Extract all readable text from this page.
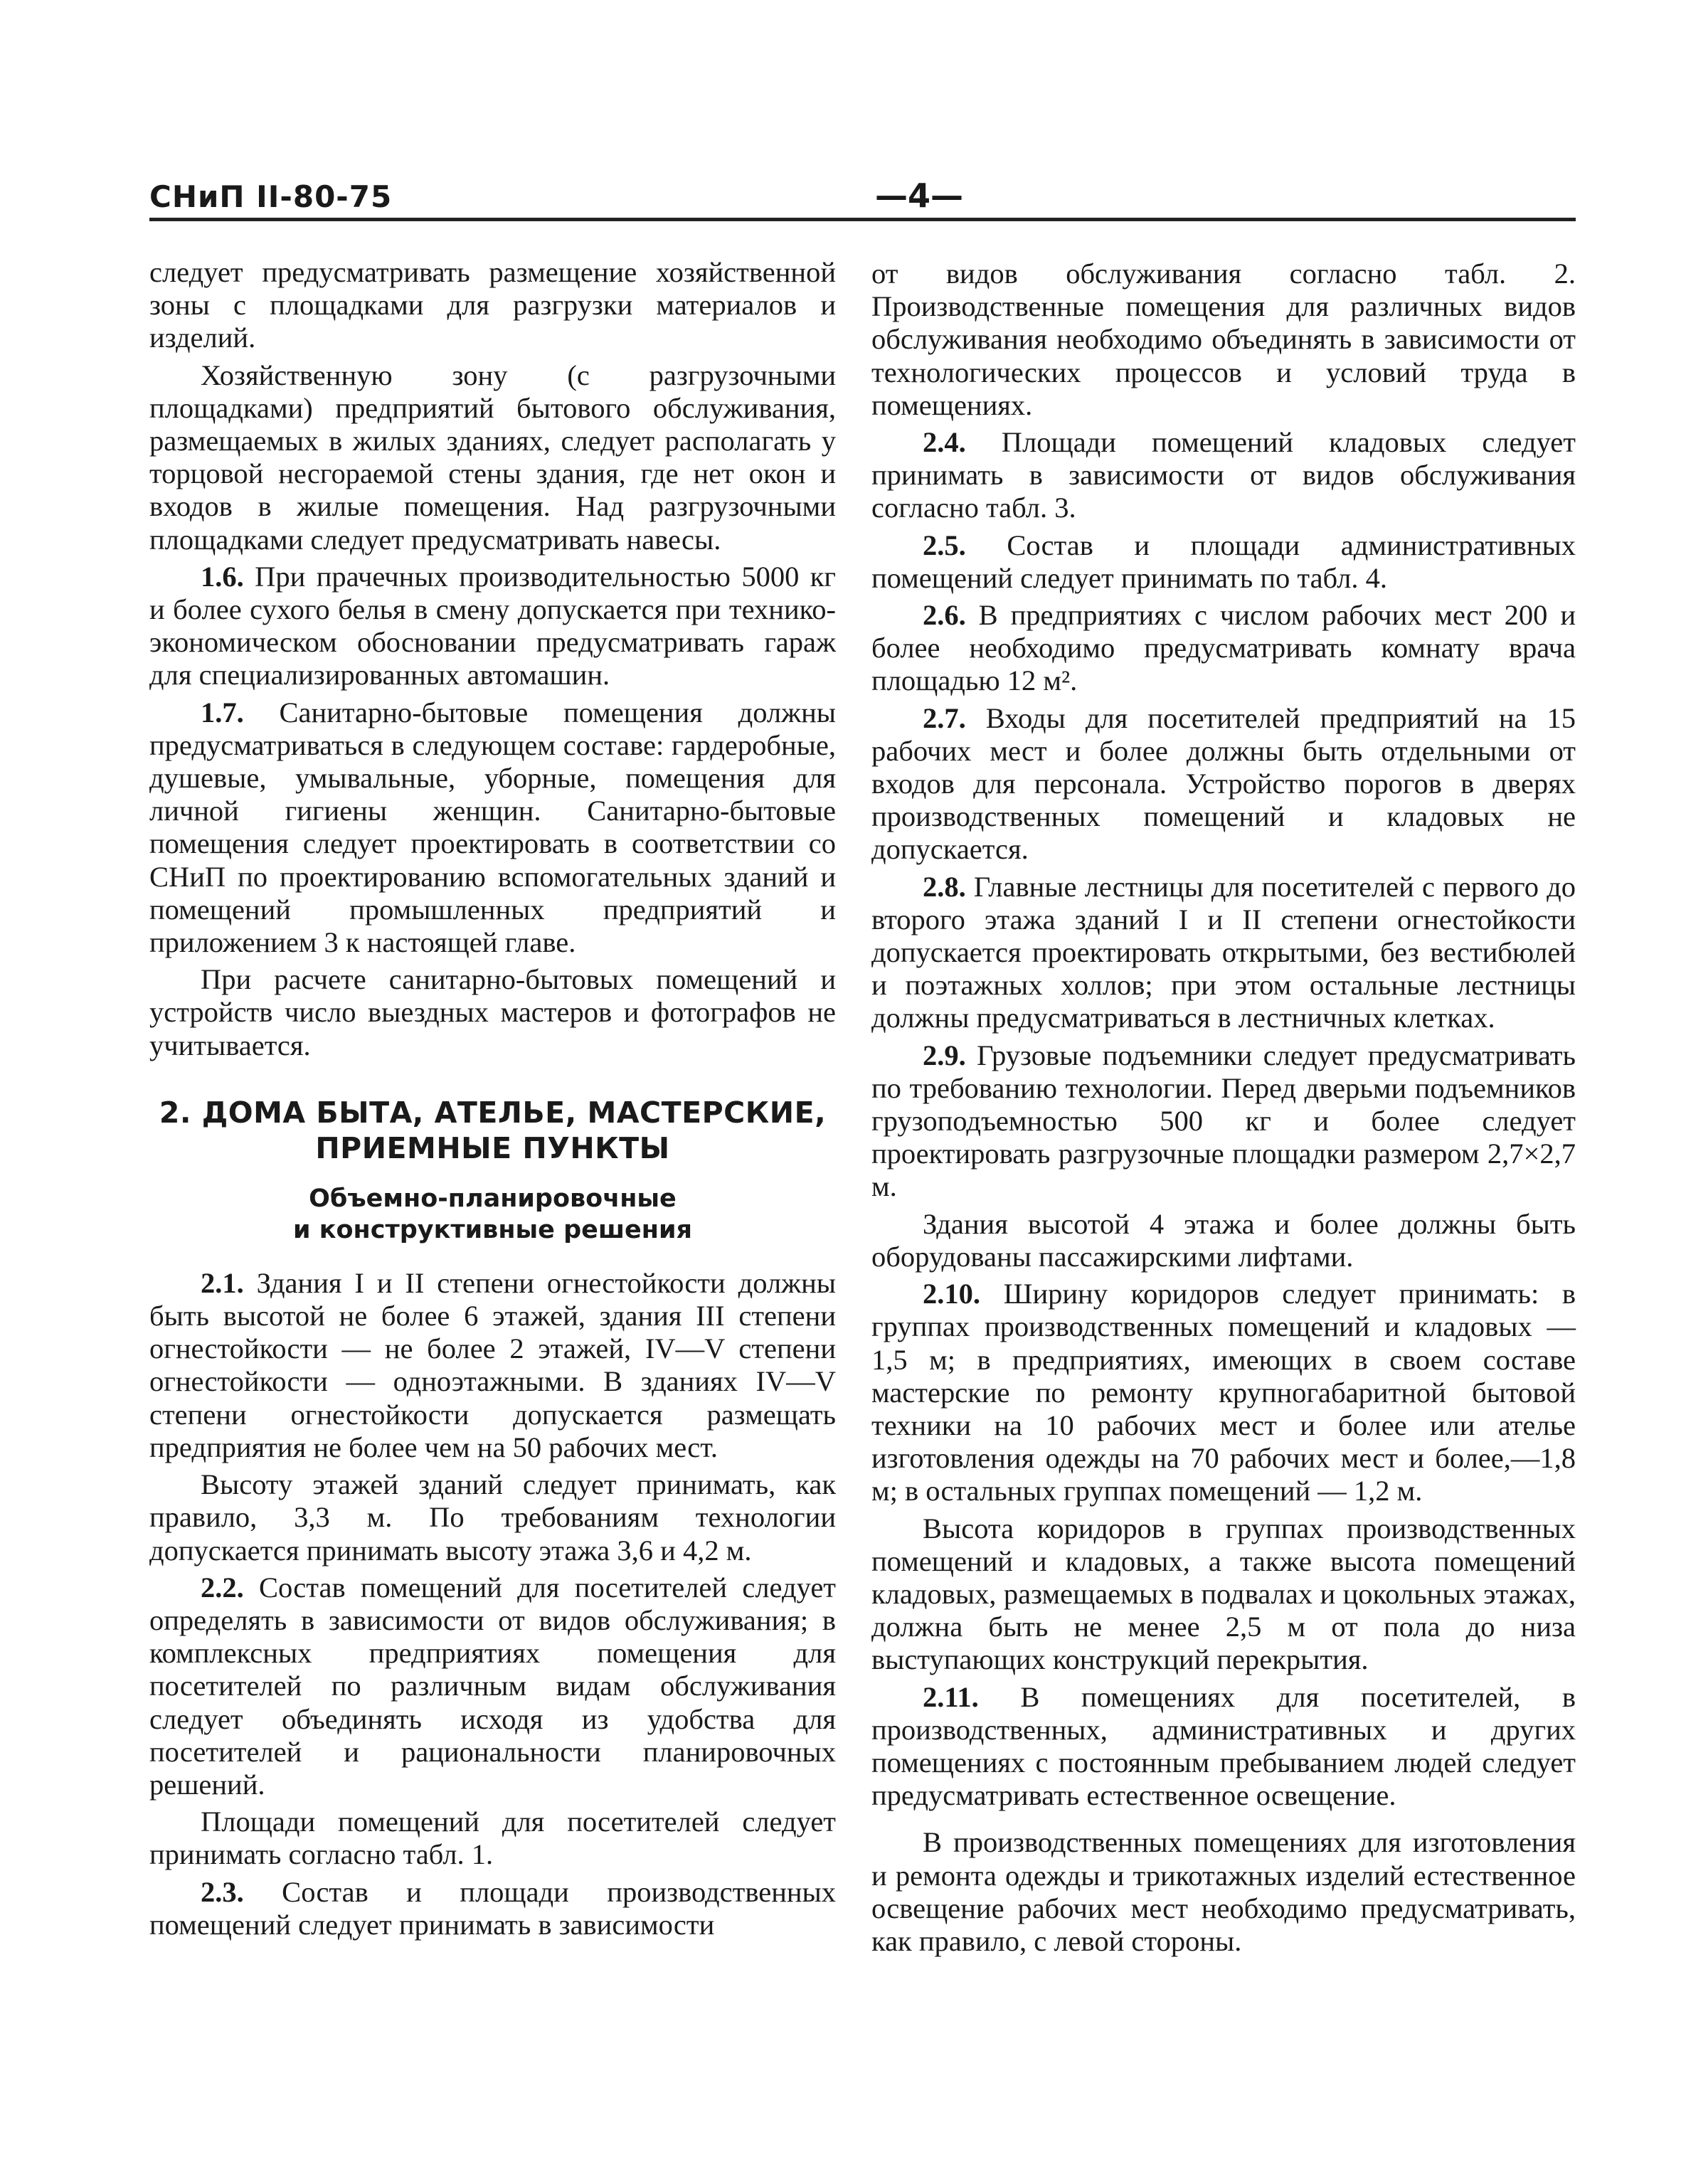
СНиП II-80-75	—4—

следует предусматривать размещение хозяйственной зоны с площадками для разгрузки материалов и изделий.

Хозяйственную зону (с разгрузочными площадками) предприятий бытового обслуживания, размещаемых в жилых зданиях, следует располагать у торцовой несгораемой стены здания, где нет окон и входов в жилые помещения. Над разгрузочными площадками следует предусматривать навесы.

1.6. При прачечных производительностью 5000 кг и более сухого белья в смену допускается при технико-экономическом обосновании предусматривать гараж для специализированных автомашин.

1.7. Санитарно-бытовые помещения должны предусматриваться в следующем составе: гардеробные, душевые, умывальные, уборные, помещения для личной гигиены женщин. Санитарно-бытовые помещения следует проектировать в соответствии со СНиП по проектированию вспомогательных зданий и помещений промышленных предприятий и приложением 3 к настоящей главе.

При расчете санитарно-бытовых помещений и устройств число выездных мастеров и фотографов не учитывается.

2. ДОМА БЫТА, АТЕЛЬЕ, МАСТЕРСКИЕ,
ПРИЕМНЫЕ ПУНКТЫ
Объемно-планировочные
и конструктивные решения

2.1. Здания I и II степени огнестойкости должны быть высотой не более 6 этажей, здания III степени огнестойкости — не более 2 этажей, IV—V степени огнестойкости — одноэтажными. В зданиях IV—V степени огнестойкости допускается размещать предприятия не более чем на 50 рабочих мест.

Высоту этажей зданий следует принимать, как правило, 3,3 м. По требованиям технологии допускается принимать высоту этажа 3,6 и 4,2 м.

2.2. Состав помещений для посетителей следует определять в зависимости от видов обслуживания; в комплексных предприятиях помещения для посетителей по различным видам обслуживания следует объединять исходя из удобства для посетителей и рациональности планировочных решений.

Площади помещений для посетителей следует принимать согласно табл. 1.

2.3. Состав и площади производственных помещений следует принимать в зависимости

от видов обслуживания согласно табл. 2. Производственные помещения для различных видов обслуживания необходимо объединять в зависимости от технологических процессов и условий труда в помещениях.

2.4. Площади помещений кладовых следует принимать в зависимости от видов обслуживания согласно табл. 3.

2.5. Состав и площади административных помещений следует принимать по табл. 4.

2.6. В предприятиях с числом рабочих мест 200 и более необходимо предусматривать комнату врача площадью 12 м².

2.7. Входы для посетителей предприятий на 15 рабочих мест и более должны быть отдельными от входов для персонала. Устройство порогов в дверях производственных помещений и кладовых не допускается.

2.8. Главные лестницы для посетителей с первого до второго этажа зданий I и II степени огнестойкости допускается проектировать открытыми, без вестибюлей и поэтажных холлов; при этом остальные лестницы должны предусматриваться в лестничных клетках.

2.9. Грузовые подъемники следует предусматривать по требованию технологии. Перед дверьми подъемников грузоподъемностью 500 кг и более следует проектировать разгрузочные площадки размером 2,7×2,7 м.

Здания высотой 4 этажа и более должны быть оборудованы пассажирскими лифтами.

2.10. Ширину коридоров следует принимать: в группах производственных помещений и кладовых — 1,5 м; в предприятиях, имеющих в своем составе мастерские по ремонту крупногабаритной бытовой техники на 10 рабочих мест и более или ателье изготовления одежды на 70 рабочих мест и более,—1,8 м; в остальных группах помещений — 1,2 м.

Высота коридоров в группах производственных помещений и кладовых, а также высота помещений кладовых, размещаемых в подвалах и цокольных этажах, должна быть не менее 2,5 м от пола до низа выступающих конструкций перекрытия.

2.11. В помещениях для посетителей, в производственных, административных и других помещениях с постоянным пребыванием людей следует предусматривать естественное освещение.

В производственных помещениях для изготовления и ремонта одежды и трикотажных изделий естественное освещение рабочих мест необходимо предусматривать, как правило, с левой стороны.
